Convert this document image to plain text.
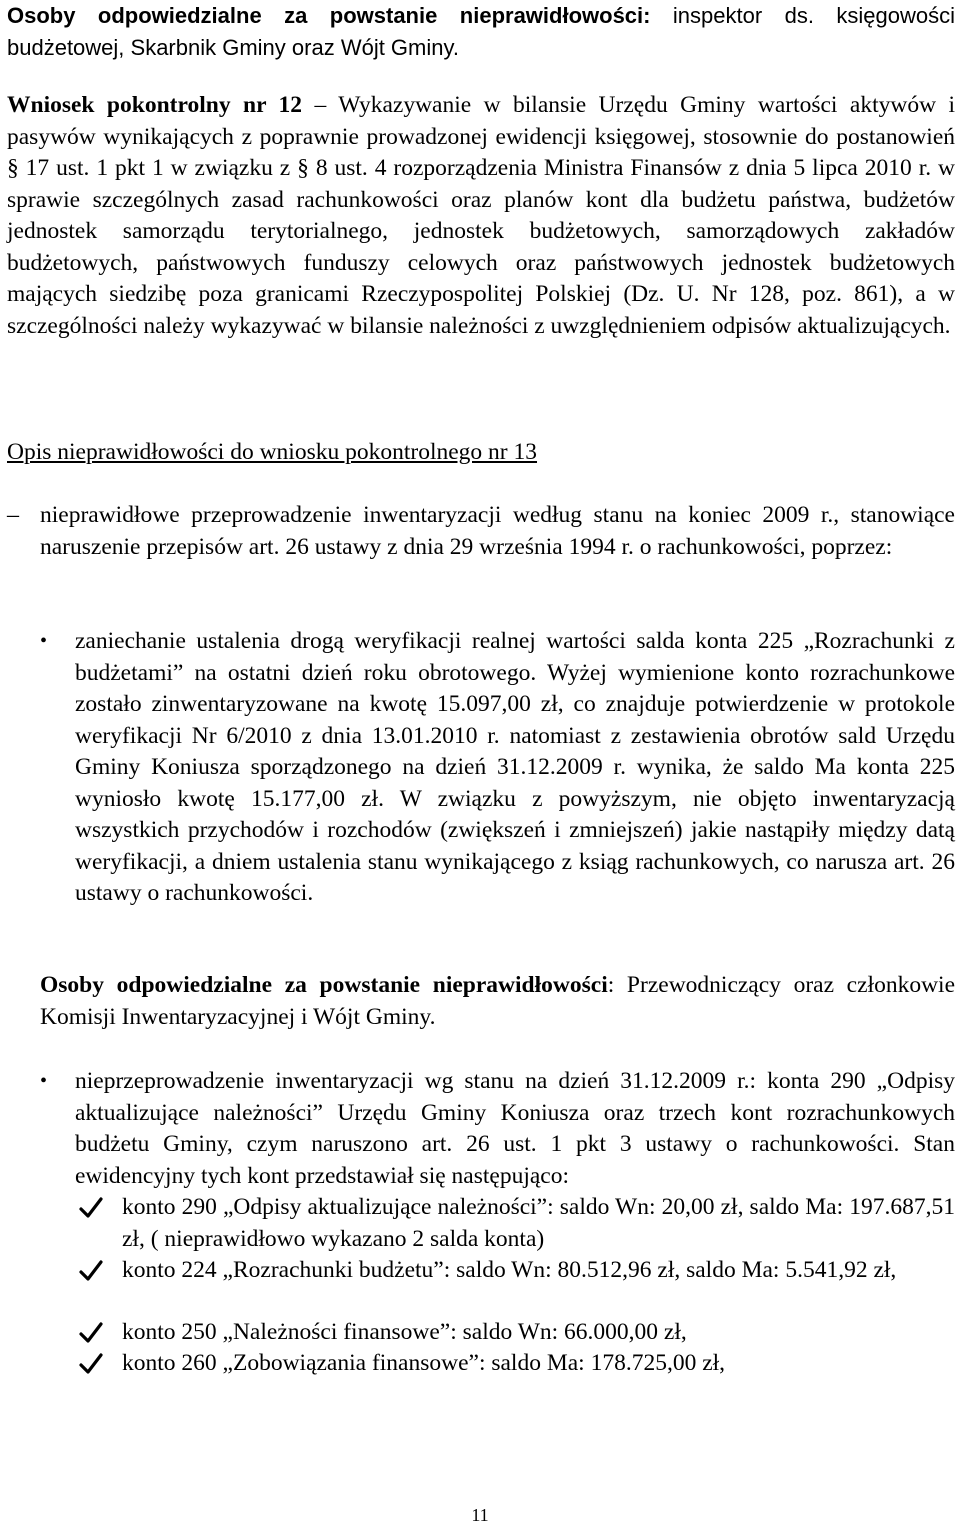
Osoby odpowiedzialne za powstanie nieprawidłowości: inspektor ds. księgowości budżetowej, Skarbnik Gminy oraz Wójt Gminy.

Wniosek pokontrolny nr 12 – Wykazywanie w bilansie Urzędu Gminy wartości aktywów i pasywów wynikających z poprawnie prowadzonej ewidencji księgowej, stosownie do postanowień § 17 ust. 1 pkt 1 w związku z § 8 ust. 4 rozporządzenia Ministra Finansów z dnia 5 lipca 2010 r. w sprawie szczególnych zasad rachunkowości oraz planów kont dla budżetu państwa, budżetów jednostek samorządu terytorialnego, jednostek budżetowych, samorządowych zakładów budżetowych, państwowych funduszy celowych oraz państwowych jednostek budżetowych mających siedzibę poza granicami Rzeczypospolitej Polskiej (Dz. U. Nr 128, poz. 861), a w szczególności należy wykazywać w bilansie należności z uwzględnieniem odpisów aktualizujących.

Opis nieprawidłowości do wniosku pokontrolnego nr 13

– nieprawidłowe przeprowadzenie inwentaryzacji według stanu na koniec 2009 r., stanowiące naruszenie przepisów art. 26 ustawy z dnia 29 września 1994 r. o rachunkowości, poprzez:

• zaniechanie ustalenia drogą weryfikacji realnej wartości salda konta 225 „Rozrachunki z budżetami” na ostatni dzień roku obrotowego. Wyżej wymienione konto rozrachunkowe zostało zinwentaryzowane na kwotę 15.097,00 zł, co znajduje potwierdzenie w protokole weryfikacji Nr 6/2010 z dnia 13.01.2010 r. natomiast z zestawienia obrotów sald Urzędu Gminy Koniusza sporządzonego na dzień 31.12.2009 r. wynika, że saldo Ma konta 225 wyniosło kwotę 15.177,00 zł. W związku z powyższym, nie objęto inwentaryzacją wszystkich przychodów i rozchodów (zwiększeń i zmniejszeń) jakie nastąpiły między datą weryfikacji, a dniem ustalenia stanu wynikającego z ksiąg rachunkowych, co narusza art. 26 ustawy o rachunkowości.

Osoby odpowiedzialne za powstanie nieprawidłowości: Przewodniczący oraz członkowie Komisji Inwentaryzacyjnej i Wójt Gminy.

• nieprzeprowadzenie inwentaryzacji wg stanu na dzień 31.12.2009 r.: konta 290 „Odpisy aktualizujące należności” Urzędu Gminy Koniusza oraz trzech kont rozrachunkowych budżetu Gminy, czym naruszono art. 26 ust. 1 pkt 3 ustawy o rachunkowości. Stan ewidencyjny tych kont przedstawiał się następująco:

konto 290 „Odpisy aktualizujące należności”: saldo Wn: 20,00 zł, saldo Ma: 197.687,51 zł, ( nieprawidłowo wykazano 2 salda konta)

konto 224 „Rozrachunki budżetu”: saldo Wn: 80.512,96 zł, saldo Ma: 5.541,92 zł,

konto 250 „Należności finansowe”: saldo Wn: 66.000,00 zł,

konto 260 „Zobowiązania finansowe”: saldo Ma: 178.725,00 zł,

11
